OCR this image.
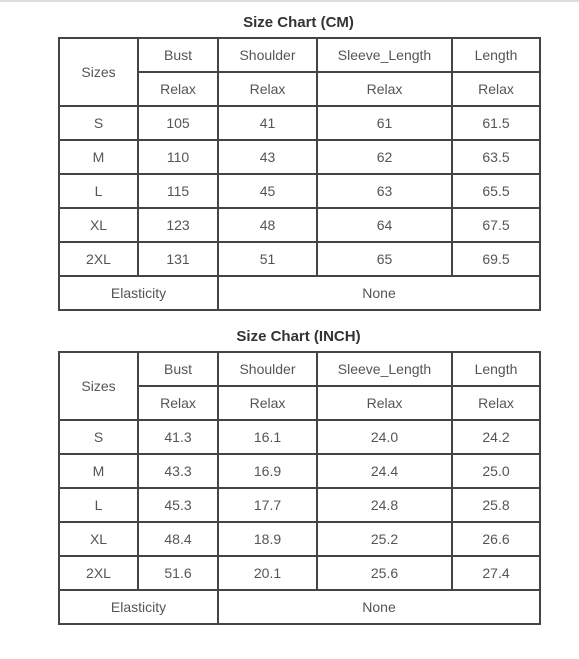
Size Chart (CM)
Sizes	Bust	Shoulder	Sleeve_Length	Length
	Relax	Relax	Relax	Relax
S	105	41	61	61.5
M	110	43	62	63.5
L	115	45	63	65.5
XL	123	48	64	67.5
2XL	131	51	65	69.5
Elasticity		None		
Size Chart (INCH)
Sizes	Bust	Shoulder	Sleeve_Length	Length
	Relax	Relax	Relax	Relax
S	41.3	16.1	24.0	24.2
M	43.3	16.9	24.4	25.0
L	45.3	17.7	24.8	25.8
XL	48.4	18.9	25.2	26.6
2XL	51.6	20.1	25.6	27.4
Elasticity		None		
